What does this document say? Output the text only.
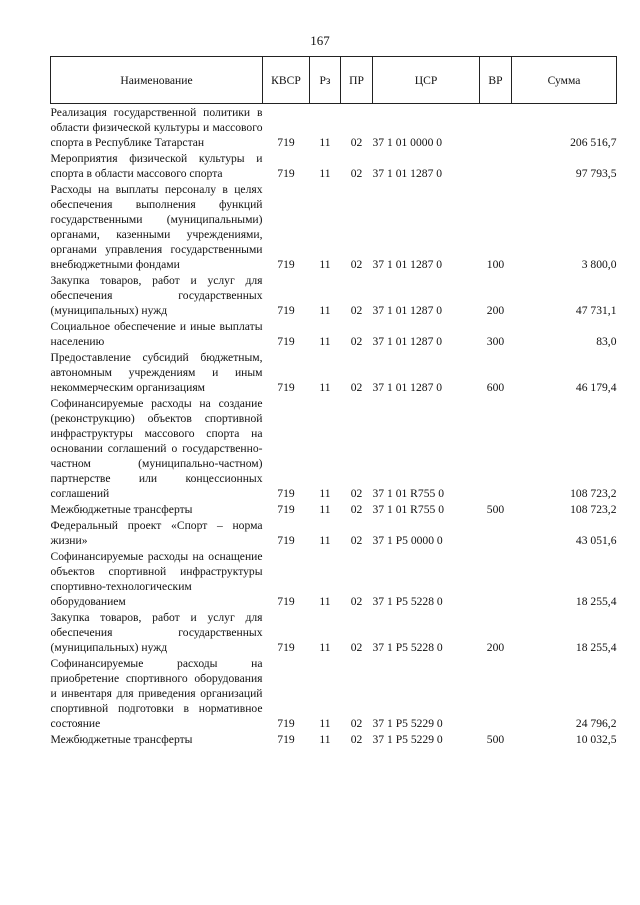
167
Наименование	КВСР	Рз	ПР	ЦСР	ВР	Сумма
Реализация государственной политики в области физической культуры и массового спорта в Республике Татарстан	719	11	02	37 1 01 0000 0		206 516,7
Мероприятия физической культуры и спорта в области массового спорта	719	11	02	37 1 01 1287 0		97 793,5
Расходы на выплаты персоналу в целях обеспечения выполнения функций государственными (муниципальными) органами, казенными учреждениями, органами управления государственными внебюджетными фондами	719	11	02	37 1 01 1287 0	100	3 800,0
Закупка товаров, работ и услуг для обеспечения государственных (муниципальных) нужд	719	11	02	37 1 01 1287 0	200	47 731,1
Социальное обеспечение и иные выплаты населению	719	11	02	37 1 01 1287 0	300	83,0
Предоставление субсидий бюджетным, автономным учреждениям и иным некоммерческим организациям	719	11	02	37 1 01 1287 0	600	46 179,4
Софинансируемые расходы на создание (реконструкцию) объектов спортивной инфраструктуры массового спорта на основании соглашений о государственно-частном (муниципально-частном) партнерстве или концессионных соглашений	719	11	02	37 1 01 R755 0		108 723,2
Межбюджетные трансферты	719	11	02	37 1 01 R755 0	500	108 723,2
Федеральный проект «Спорт – норма жизни»	719	11	02	37 1 P5 0000 0		43 051,6
Софинансируемые расходы на оснащение объектов спортивной инфраструктуры спортивно-технологическим оборудованием	719	11	02	37 1 P5 5228 0		18 255,4
Закупка товаров, работ и услуг для обеспечения государственных (муниципальных) нужд	719	11	02	37 1 P5 5228 0	200	18 255,4
Софинансируемые расходы на приобретение спортивного оборудования и инвентаря для приведения организаций спортивной подготовки в нормативное состояние	719	11	02	37 1 P5 5229 0		24 796,2
Межбюджетные трансферты	719	11	02	37 1 P5 5229 0	500	10 032,5
